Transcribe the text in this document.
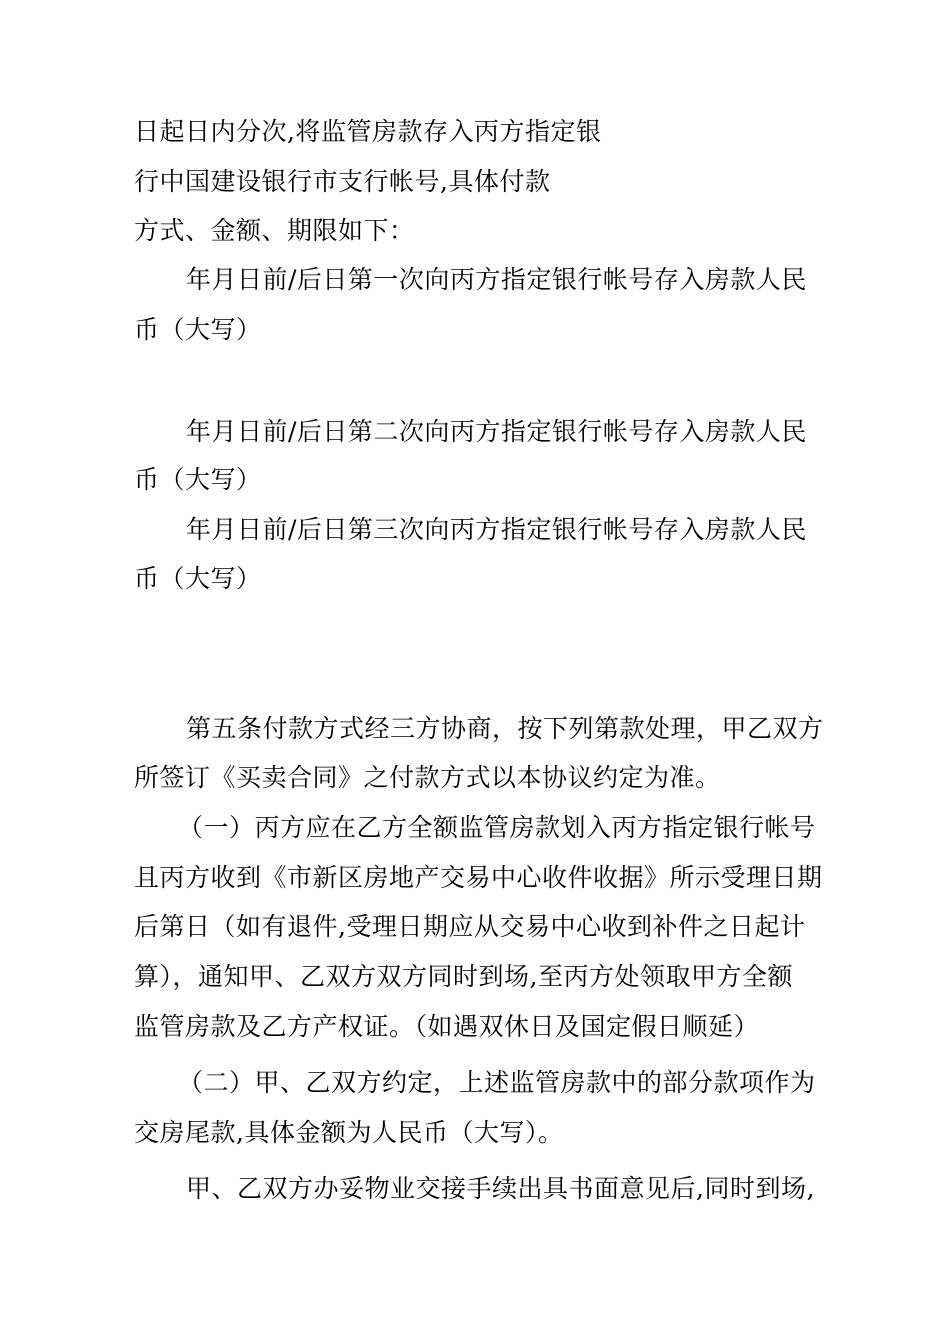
日起日内分次,将监管房款存入丙方指定银
行中国建设银行市支行帐号,具体付款
方式、金额、期限如下：
年月日前/后日第一次向丙方指定银行帐号存入房款人民
币（大写）
年月日前/后日第二次向丙方指定银行帐号存入房款人民
币（大写）
年月日前/后日第三次向丙方指定银行帐号存入房款人民
币（大写）
第五条付款方式经三方协商，按下列第款处理，甲乙双方
所签订《买卖合同》之付款方式以本协议约定为准。
（一）丙方应在乙方全额监管房款划入丙方指定银行帐号
且丙方收到《市新区房地产交易中心收件收据》所示受理日期
后第日（如有退件,受理日期应从交易中心收到补件之日起计
算），通知甲、乙双方双方同时到场,至丙方处领取甲方全额
监管房款及乙方产权证。（如遇双休日及国定假日顺延）
（二）甲、乙双方约定，上述监管房款中的部分款项作为
交房尾款,具体金额为人民币（大写）。
甲、乙双方办妥物业交接手续出具书面意见后,同时到场,
